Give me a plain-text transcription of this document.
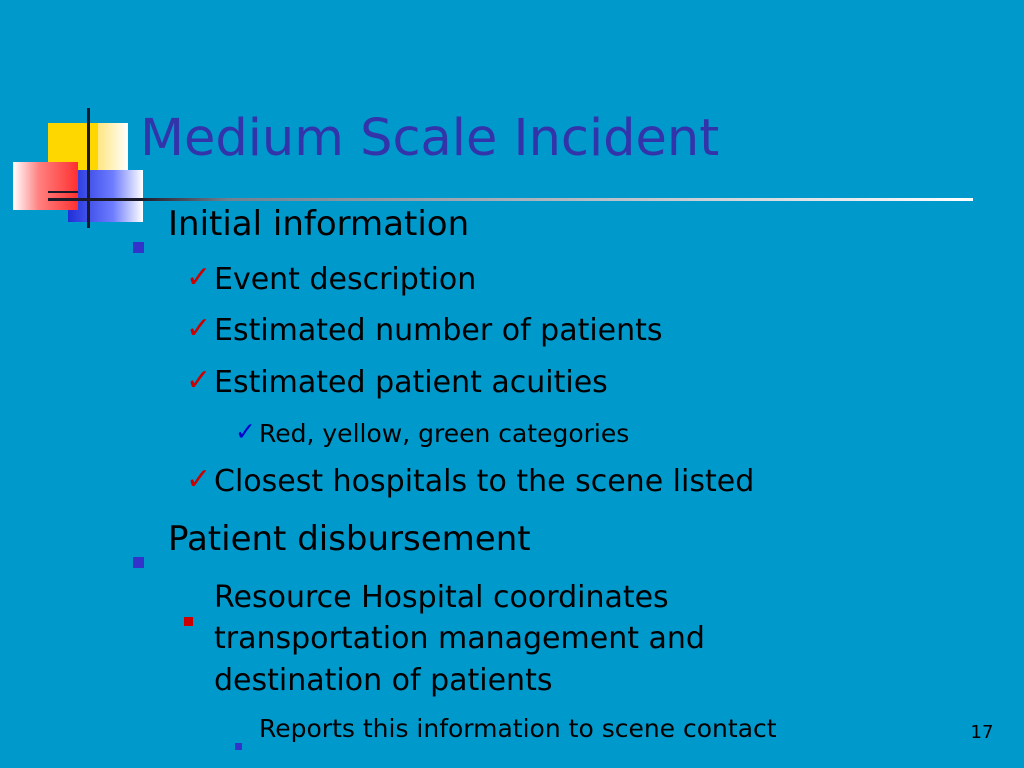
Medium Scale Incident
Initial information
✓ Event description
✓ Estimated number of patients
✓ Estimated patient acuities
✓ Red, yellow, green categories
✓ Closest hospitals to the scene listed
Patient disbursement
Resource Hospital coordinates transportation management and destination of patients
Reports this information to scene contact	17
